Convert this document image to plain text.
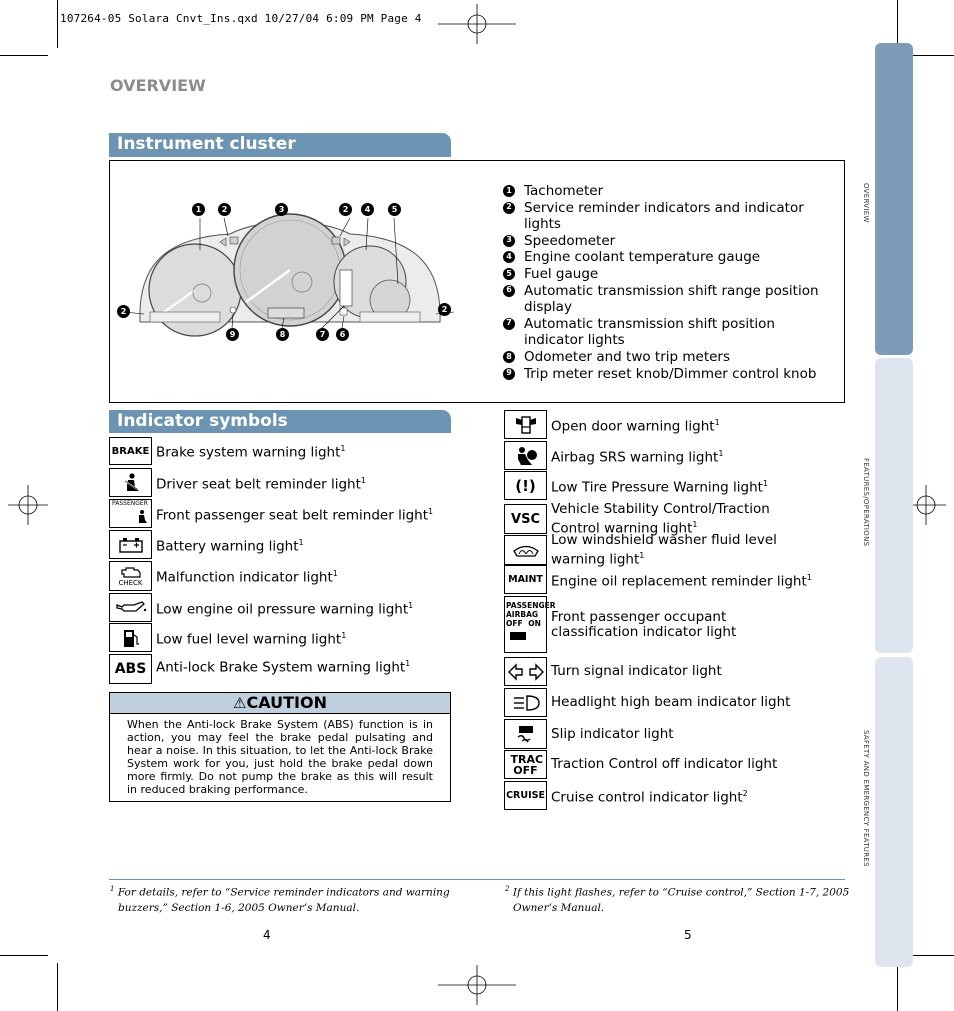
107264-05 Solara Cnvt_Ins.qxd 10/27/04 6:09 PM Page 4
OVERVIEW
OVERVIEW
FEATURES/OPERATIONS
SAFETY AND EMERGENCY FEATURES
Instrument cluster
1	2	3	2	4	5
2	2
9	8	7	6
1 Tachometer
2 Service reminder indicators and indicator lights
3 Speedometer
4 Engine coolant temperature gauge
5 Fuel gauge
6 Automatic transmission shift range position display
7 Automatic transmission shift position indicator lights
8 Odometer and two trip meters
9 Trip meter reset knob/Dimmer control knob
Indicator symbols
BRAKE Brake system warning light$^1$
Driver seat belt reminder light$^1$
PASSENGER
Front passenger seat belt reminder light$^1$
Battery warning light$^1$
CHECK Malfunction indicator light$^1$
Low engine oil pressure warning light$^1$
Low fuel level warning light$^1$
ABS Anti-lock Brake System warning light$^1$
⚠CAUTION
When the Anti-lock Brake System (ABS) function is in action, you may feel the brake pedal pulsating and hear a noise. In this situation, to let the Anti-lock Brake System work for you, just hold the brake pedal down more firmly. Do not pump the brake as this will result in reduced braking performance.
Open door warning light$^1$
Airbag SRS warning light$^1$
(!) Low Tire Pressure Warning light$^1$
VSC
Vehicle Stability Control/Traction Control warning light$^1$
Low windshield washer fluid level warning light$^1$
MAINT Engine oil replacement reminder light$^1$
PASSENGER AIRBAG OFF ON Front passenger occupant classification indicator light
Turn signal indicator light
Headlight high beam indicator light
Slip indicator light
TRAC OFF Traction Control off indicator light
CRUISE Cruise control indicator light$^2$
$^1$ For details, refer to “Service reminder indicators and warning buzzers,” Section 1-6, 2005 Owner’s Manual.
$^2$ If this light flashes, refer to “Cruise control,” Section 1-7, 2005 Owner’s Manual.
4	5
